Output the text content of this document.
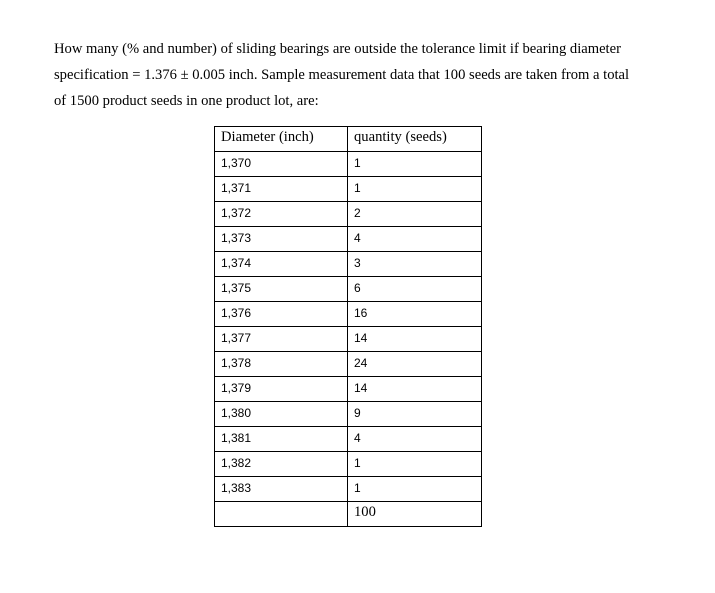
How many (% and number) of sliding bearings are outside the tolerance limit if bearing diameter
specification = 1.376 ± 0.005 inch. Sample measurement data that 100 seeds are taken from a total
of 1500 product seeds in one product lot, are:

Diameter (inch)	quantity (seeds)
1,370	1
1,371	1
1,372	2
1,373	4
1,374	3
1,375	6
1,376	16
1,377	14
1,378	24
1,379	14
1,380	9
1,381	4
1,382	1
1,383	1
	100
